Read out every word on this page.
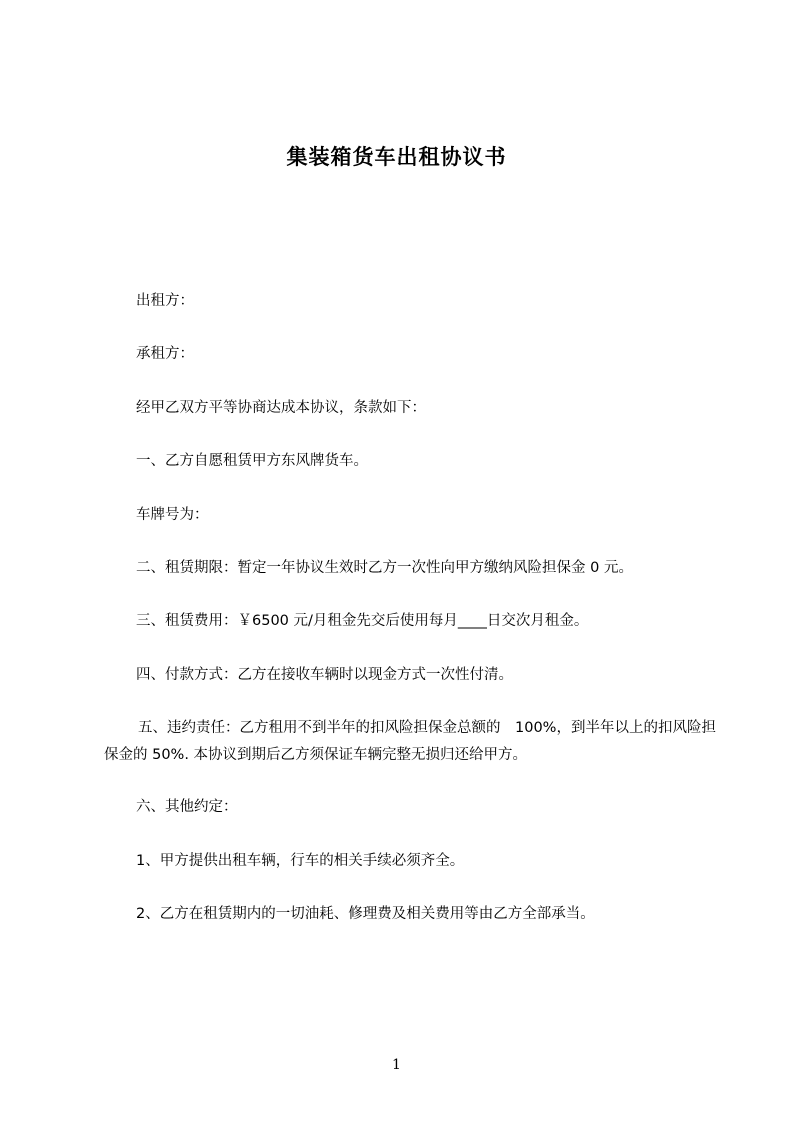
集装箱货车出租协议书
出租方：
承租方：
经甲乙双方平等协商达成本协议，条款如下：
一、乙方自愿租赁甲方东风牌货车。
车牌号为：
二、租赁期限：暂定一年协议生效时乙方一次性向甲方缴纳风险担保金 0 元。
三、租赁费用：￥6500 元/月租金先交后使用每月____日交次月租金。
四、付款方式：乙方在接收车辆时以现金方式一次性付清。
五、违约责任：乙方租用不到半年的扣风险担保金总额的　100%，到半年以上的扣风险担保金的 50%. 本协议到期后乙方须保证车辆完整无损归还给甲方。
六、其他约定：
1、甲方提供出租车辆，行车的相关手续必须齐全。
2、乙方在租赁期内的一切油耗、修理费及相关费用等由乙方全部承当。
1
